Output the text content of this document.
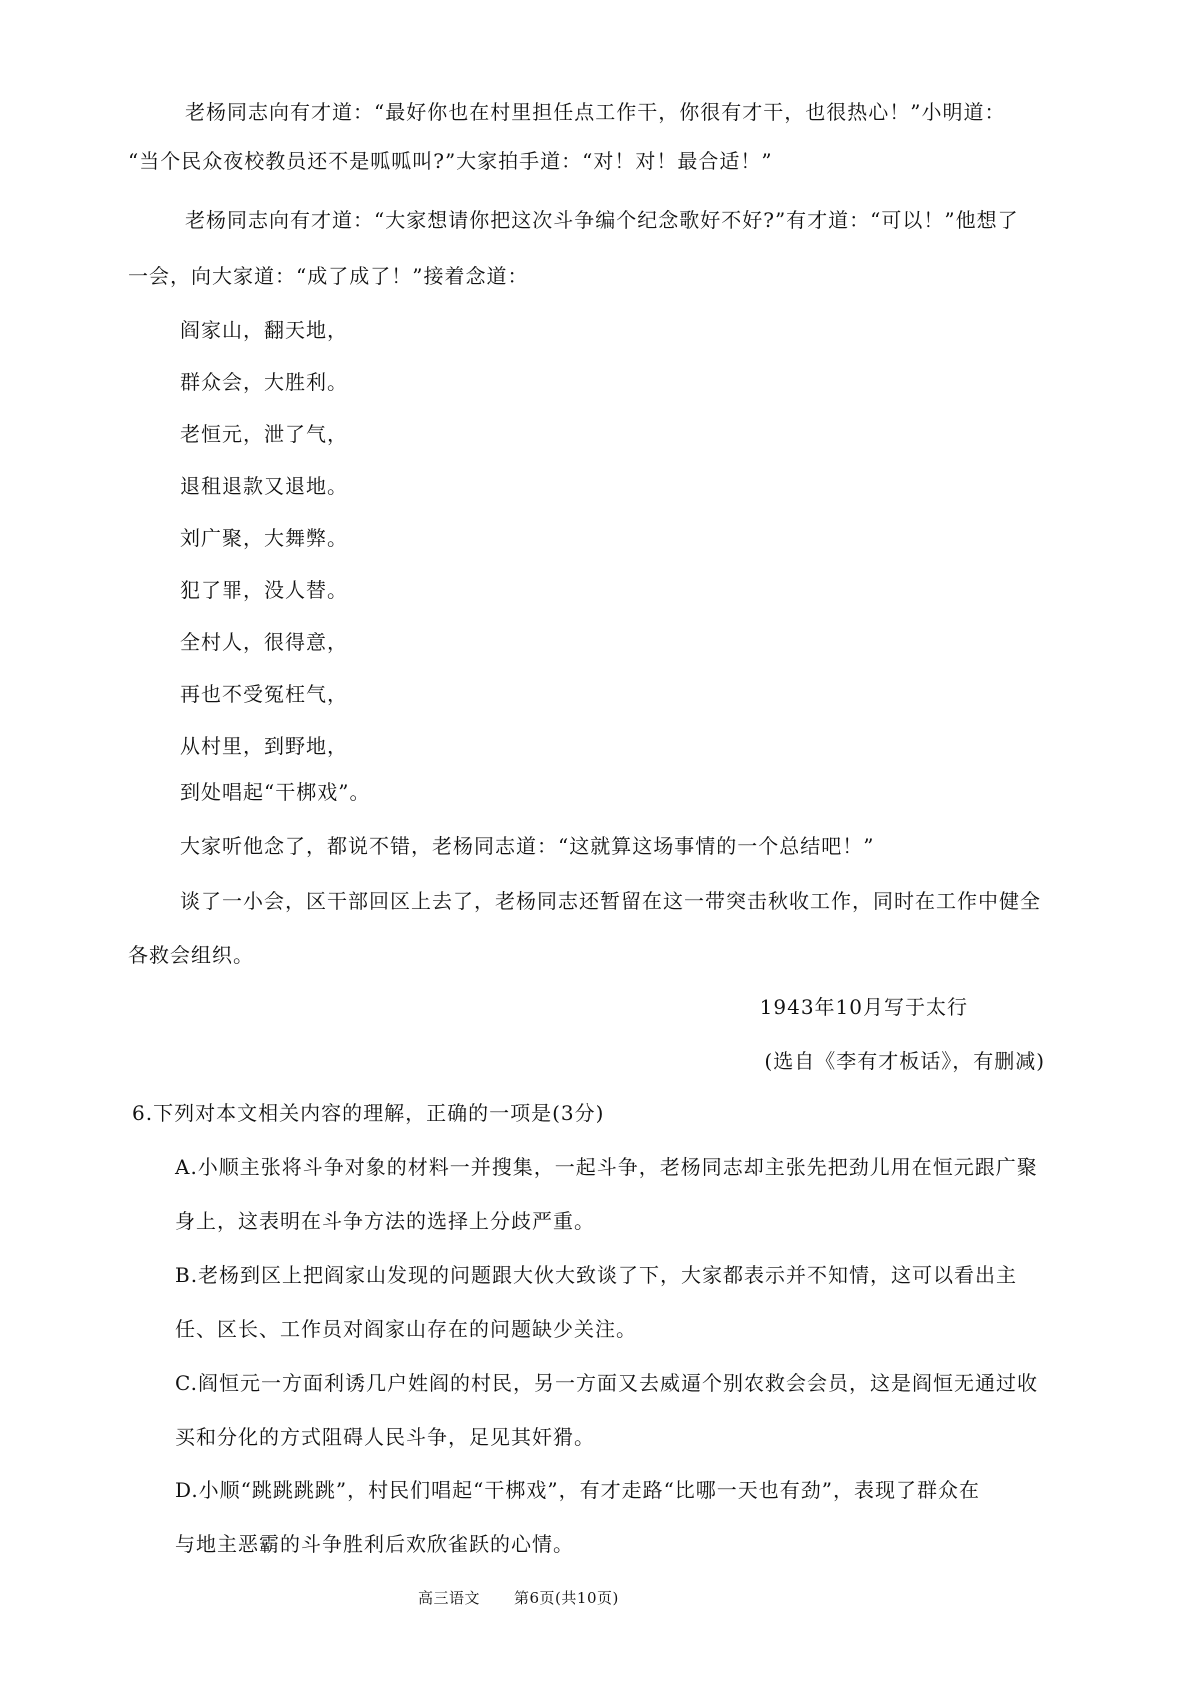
老杨同志向有才道：“最好你也在村里担任点工作干，你很有才干，也很热心！”小明道：
“当个民众夜校教员还不是呱呱叫?”大家拍手道：“对！对！最合适！”
老杨同志向有才道：“大家想请你把这次斗争编个纪念歌好不好?”有才道：“可以！”他想了
一会，向大家道：“成了成了！”接着念道：
阎家山，翻天地，
群众会，大胜利。
老恒元，泄了气，
退租退款又退地。
刘广聚，大舞弊。
犯了罪，没人替。
全村人，很得意，
再也不受冤枉气，
从村里，到野地，
到处唱起“干梆戏”。
大家听他念了，都说不错，老杨同志道：“这就算这场事情的一个总结吧！”
谈了一小会，区干部回区上去了，老杨同志还暂留在这一带突击秋收工作，同时在工作中健全
各救会组织。
1943年10月写于太行
(选自《李有才板话》，有删减)
6.下列对本文相关内容的理解，正确的一项是(3分)
A.小顺主张将斗争对象的材料一并搜集，一起斗争，老杨同志却主张先把劲儿用在恒元跟广聚
身上，这表明在斗争方法的选择上分歧严重。
B.老杨到区上把阎家山发现的问题跟大伙大致谈了下，大家都表示并不知情，这可以看出主
任、区长、工作员对阎家山存在的问题缺少关注。
C.阎恒元一方面利诱几户姓阎的村民，另一方面又去威逼个别农救会会员，这是阎恒无通过收
买和分化的方式阻碍人民斗争，足见其奸猾。
D.小顺“跳跳跳跳”，村民们唱起“干梆戏”，有才走路“比哪一天也有劲”，表现了群众在
与地主恶霸的斗争胜利后欢欣雀跃的心情。
高三语文 第6页(共10页)
